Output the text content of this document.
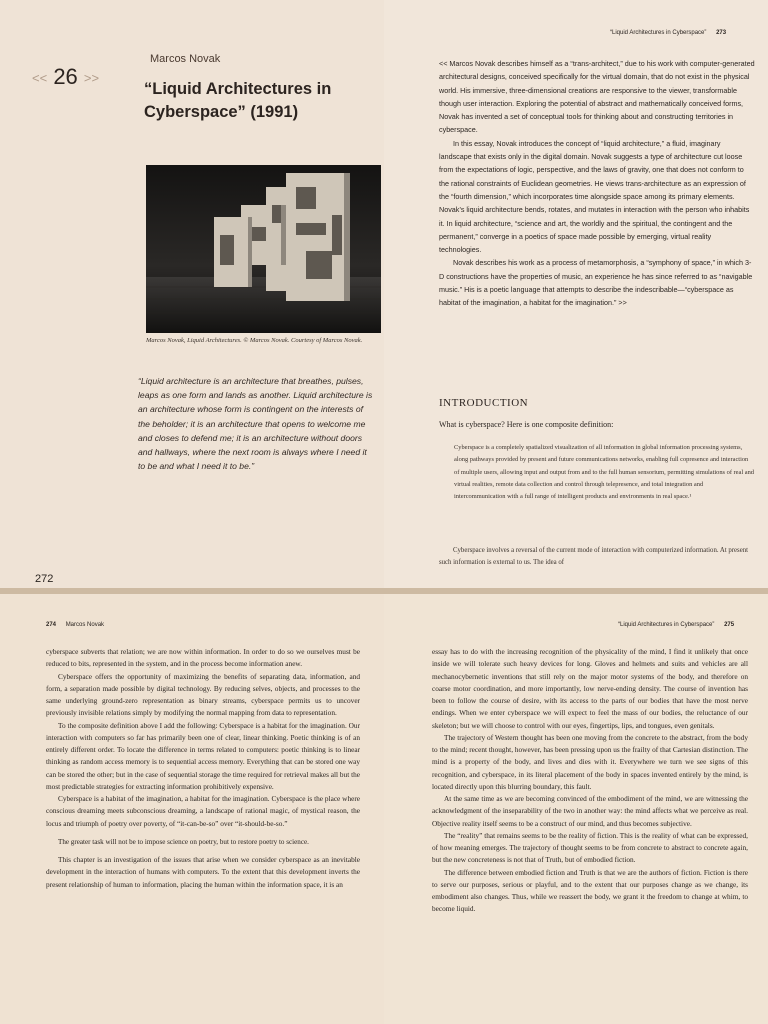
Marcos Novak
<< 26 >>
“Liquid Architectures in Cyberspace” (1991)
Marcos Novak, Liquid Architectures. © Marcos Novak. Courtesy of Marcos Novak.
“Liquid architecture is an architecture that breathes, pulses, leaps as one form and lands as another. Liquid architecture is an architecture whose form is contingent on the interests of the beholder; it is an architecture that opens to welcome me and closes to defend me; it is an architecture without doors and hallways, where the next room is always where I need it to be and what I need it to be.”
272
“Liquid Architectures in Cyberspace” 273

<< Marcos Novak describes himself as a “trans-architect,” due to his work with computer-generated architectural designs, conceived specifically for the virtual domain, that do not exist in the physical world. His immersive, three-dimensional creations are responsive to the viewer, transformable though user interaction. Exploring the potential of abstract and mathematically conceived forms, Novak has invented a set of conceptual tools for thinking about and constructing territories in cyberspace.

In this essay, Novak introduces the concept of “liquid architecture,” a fluid, imaginary landscape that exists only in the digital domain. Novak suggests a type of architecture cut loose from the expectations of logic, perspective, and the laws of gravity, one that does not conform to the rational constraints of Euclidean geometries. He views trans-architecture as an expression of the “fourth dimension,” which incorporates time alongside space among its primary elements. Novak’s liquid architecture bends, rotates, and mutates in interaction with the person who inhabits it. In liquid architecture, “science and art, the worldly and the spiritual, the contingent and the permanent,” converge in a poetics of space made possible by emerging, virtual reality technologies.

Novak describes his work as a process of metamorphosis, a “symphony of space,” in which 3-D constructions have the properties of music, an experience he has since referred to as “navigable music.” His is a poetic language that attempts to describe the indescribable—“cyberspace as habitat of the imagination, a habitat for the imagination.” >>

INTRODUCTION
What is cyberspace? Here is one composite definition:
Cyberspace is a completely spatialized visualization of all information in global information processing systems, along pathways provided by present and future communications networks, enabling full copresence and interaction of multiple users, allowing input and output from and to the full human sensorium, permitting simulations of real and virtual realities, remote data collection and control through telepresence, and total integration and intercommunication with a full range of intelligent products and environments in real space.¹
Cyberspace involves a reversal of the current mode of interaction with computerized information. At present such information is external to us. The idea of
274 Marcos Novak

cyberspace subverts that relation; we are now within information. In order to do so we ourselves must be reduced to bits, represented in the system, and in the process become information anew.

Cyberspace offers the opportunity of maximizing the benefits of separating data, information, and form, a separation made possible by digital technology. By reducing selves, objects, and processes to the same underlying ground-zero representation as binary streams, cyberspace permits us to uncover previously invisible relations simply by modifying the normal mapping from data to representation.

To the composite definition above I add the following: Cyberspace is a habitat for the imagination. Our interaction with computers so far has primarily been one of clear, linear thinking. Poetic thinking is of an entirely different order. To locate the difference in terms related to computers: poetic thinking is to linear thinking as random access memory is to sequential access memory. Everything that can be stored one way can be stored the other; but in the case of sequential storage the time required for retrieval makes all but the most predictable strategies for extracting information prohibitively expensive.

Cyberspace is a habitat of the imagination, a habitat for the imagination. Cyberspace is the place where conscious dreaming meets subconscious dreaming, a landscape of rational magic, of mystical reason, the locus and triumph of poetry over poverty, of “it-can-be-so” over “it-should-be-so.”

The greater task will not be to impose science on poetry, but to restore poetry to science.

This chapter is an investigation of the issues that arise when we consider cyberspace as an inevitable development in the interaction of humans with computers. To the extent that this development inverts the present relationship of human to information, placing the human within the information space, it is an

“Liquid Architectures in Cyberspace” 275

essay has to do with the increasing recognition of the physicality of the mind, I find it unlikely that once inside we will tolerate such heavy devices for long. Gloves and helmets and suits and vehicles are all mechanocybernetic inventions that still rely on the major motor systems of the body, and therefore on coarse motor coordination, and more importantly, low nerve-ending density. The course of invention has been to follow the course of desire, with its access to the parts of our bodies that have the most nerve endings. When we enter cyberspace we will expect to feel the mass of our bodies, the reluctance of our skeleton; but we will choose to control with our eyes, fingertips, lips, and tongues, even genitals.

The trajectory of Western thought has been one moving from the concrete to the abstract, from the body to the mind; recent thought, however, has been pressing upon us the frailty of that Cartesian distinction. The mind is a property of the body, and lives and dies with it. Everywhere we turn we see signs of this recognition, and cyberspace, in its literal placement of the body in spaces invented entirely by the mind, is located directly upon this blurring boundary, this fault.

At the same time as we are becoming convinced of the embodiment of the mind, we are witnessing the acknowledgment of the inseparability of the two in another way: the mind affects what we perceive as real. Objective reality itself seems to be a construct of our mind, and thus becomes subjective.

The “reality” that remains seems to be the reality of fiction. This is the reality of what can be expressed, of how meaning emerges. The trajectory of thought seems to be from concrete to abstract to concrete again, but the new concreteness is not that of Truth, but of embodied fiction.

The difference between embodied fiction and Truth is that we are the authors of fiction. Fiction is there to serve our purposes, serious or playful, and to the extent that our purposes change as we change, its embodiment also changes. Thus, while we reassert the body, we grant it the freedom to change at whim, to become liquid.
